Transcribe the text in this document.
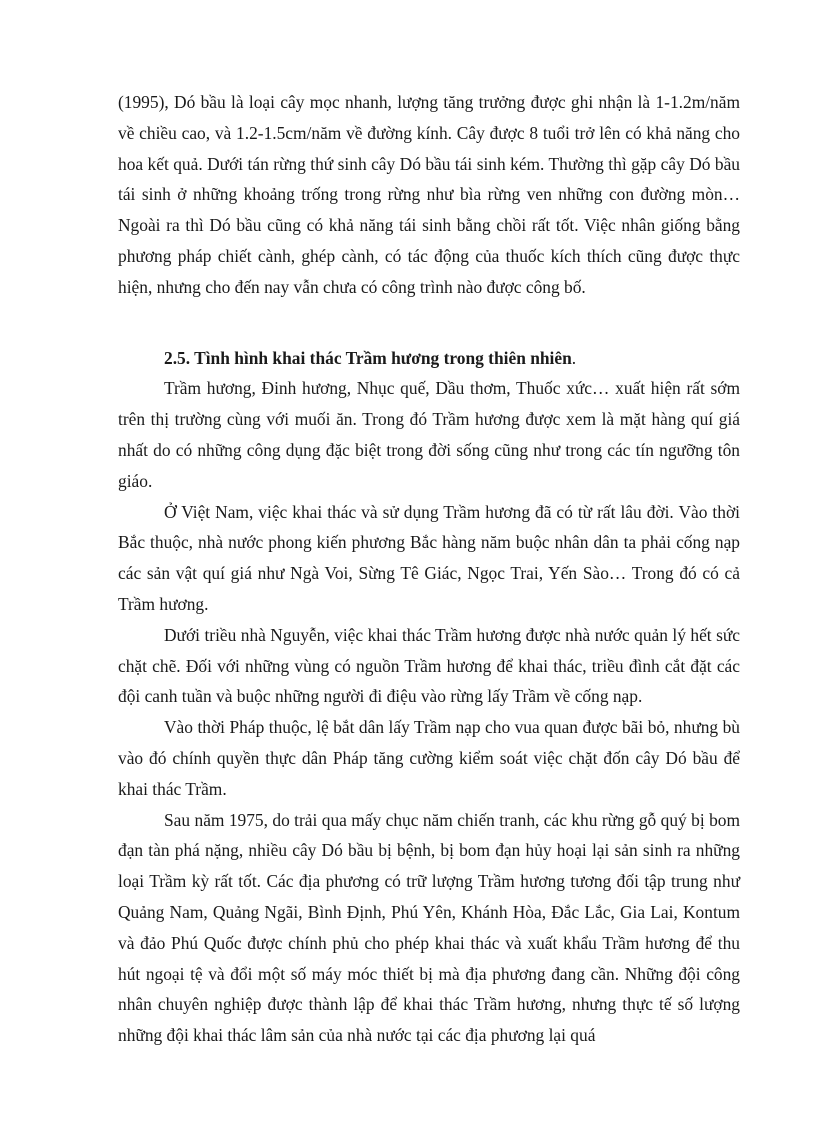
(1995), Dó bầu là loại cây mọc nhanh, lượng tăng trưởng được ghi nhận là 1-1.2m/năm về chiều cao, và 1.2-1.5cm/năm về đường kính. Cây được 8 tuổi trở lên có khả năng cho hoa kết quả. Dưới tán rừng thứ sinh cây Dó bầu tái sinh kém. Thường thì gặp cây Dó bầu tái sinh ở những khoảng trống trong rừng như bìa rừng ven những con đường mòn… Ngoài ra thì Dó bầu cũng có khả năng tái sinh bằng chồi rất tốt. Việc nhân giống bằng phương pháp chiết cành, ghép cành, có tác động của thuốc kích thích cũng được thực hiện, nhưng cho đến nay vẫn chưa có công trình nào được công bố.

2.5. Tình hình khai thác Trầm hương trong thiên nhiên.

Trầm hương, Đinh hương, Nhục quế, Dầu thơm, Thuốc xức… xuất hiện rất sớm trên thị trường cùng với muối ăn. Trong đó Trầm hương được xem là mặt hàng quí giá nhất do có những công dụng đặc biệt trong đời sống cũng như trong các tín ngưỡng tôn giáo.

Ở Việt Nam, việc khai thác và sử dụng Trầm hương đã có từ rất lâu đời. Vào thời Bắc thuộc, nhà nước phong kiến phương Bắc hàng năm buộc nhân dân ta phải cống nạp các sản vật quí giá như Ngà Voi, Sừng Tê Giác, Ngọc Trai, Yến Sào… Trong đó có cả Trầm hương.

Dưới triều nhà Nguyễn, việc khai thác Trầm hương được nhà nước quản lý hết sức chặt chẽ. Đối với những vùng có nguồn Trầm hương để khai thác, triều đình cắt đặt các đội canh tuần và buộc những người đi điệu vào rừng lấy Trầm về cống nạp.

Vào thời Pháp thuộc, lệ bắt dân lấy Trầm nạp cho vua quan được bãi bỏ, nhưng bù vào đó chính quyền thực dân Pháp tăng cường kiểm soát việc chặt đốn cây Dó bầu để khai thác Trầm.

Sau năm 1975, do trải qua mấy chục năm chiến tranh, các khu rừng gỗ quý bị bom đạn tàn phá nặng, nhiều cây Dó bầu bị bệnh, bị bom đạn hủy hoại lại sản sinh ra những loại Trầm kỳ rất tốt. Các địa phương có trữ lượng Trầm hương tương đối tập trung như Quảng Nam, Quảng Ngãi, Bình Định, Phú Yên, Khánh Hòa, Đắc Lắc, Gia Lai, Kontum và đảo Phú Quốc được chính phủ cho phép khai thác và xuất khẩu Trầm hương để thu hút ngoại tệ và đổi một số máy móc thiết bị mà địa phương đang cần. Những đội công nhân chuyên nghiệp được thành lập để khai thác Trầm hương, nhưng thực tế số lượng những đội khai thác lâm sản của nhà nước tại các địa phương lại quá
